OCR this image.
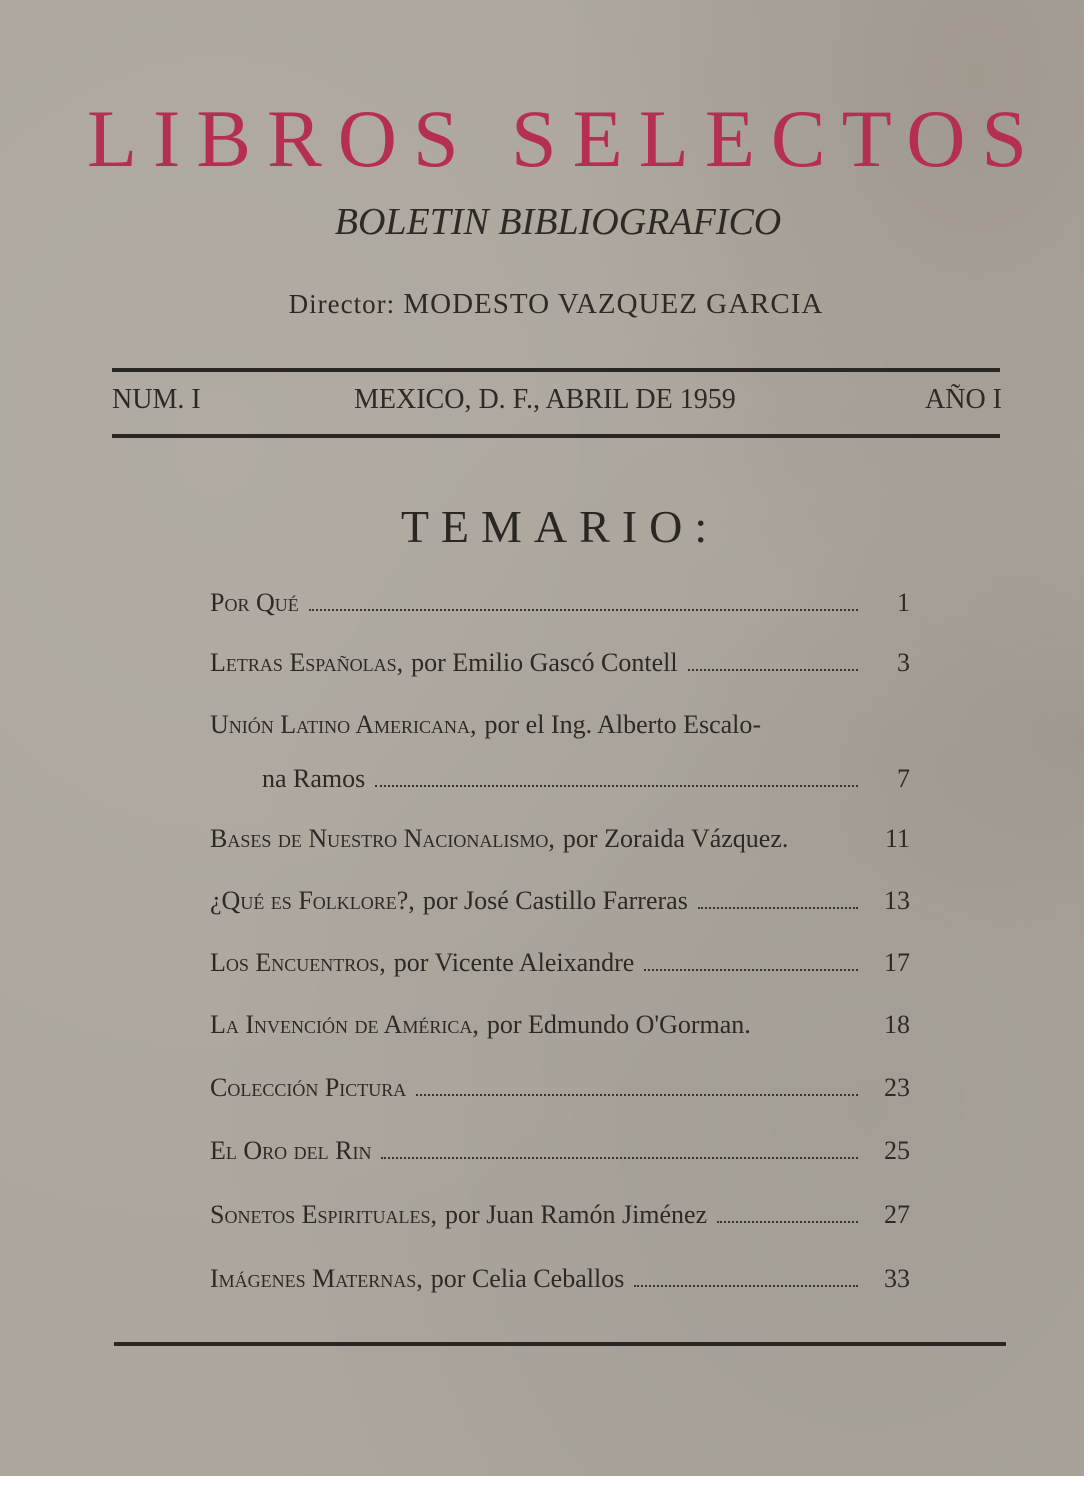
LIBROS SELECTOS
BOLETIN BIBLIOGRAFICO
Director: MODESTO VAZQUEZ GARCIA
NUM. I	MEXICO, D. F., ABRIL DE 1959	AÑO I
TEMARIO:
Por Qué	1
Letras Españolas, por Emilio Gascó Contell	3
Unión Latino Americana, por el Ing. Alberto Escalo-
na Ramos	7
Bases de Nuestro Nacionalismo, por Zoraida Vázquez.	11
¿Qué es Folklore?, por José Castillo Farreras	13
Los Encuentros, por Vicente Aleixandre	17
La Invención de América, por Edmundo O'Gorman.	18
Colección Pictura	23
El Oro del Rin	25
Sonetos Espirituales, por Juan Ramón Jiménez	27
Imágenes Maternas, por Celia Ceballos	33
